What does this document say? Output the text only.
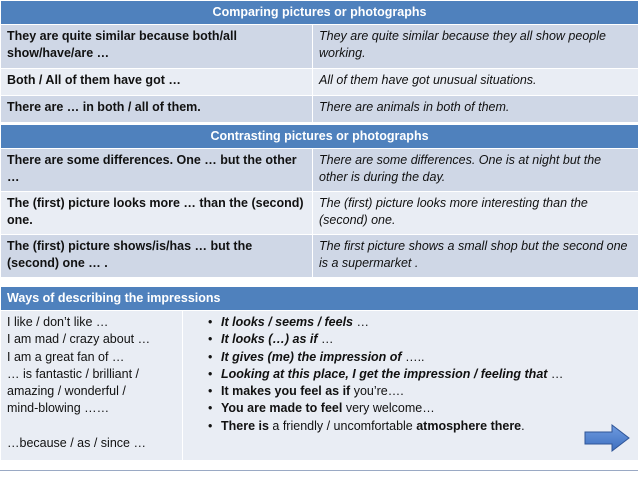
Comparing pictures or photographs	
They are quite similar because both/all show/have/are …	They are quite similar because they all show people working.
Both / All of them have got …	All of them have got unusual situations.
There are … in both / all of them.	There are animals in both of them.
Contrasting pictures or photographs	
There are some differences. One … but the other …	There are some differences. One is at night but the other is during the day.
The (first) picture looks more … than the (second) one.	The (first) picture looks more interesting than the (second) one.
The (first) picture shows/is/has … but the (second) one … .	The first picture shows a small shop but the second one is a supermarket .
Ways of describing the impressions

I like / don’t like …
I am mad / crazy about …
I am a great fan of …
… is fantastic / brilliant /
amazing / wonderful /
mind-blowing ……

…because / as / since …

• It looks / seems / feels …
• It looks (…) as if …
• It gives (me) the impression of …..
• Looking at this place, I get the impression / feeling that …
• It makes you feel as if you’re….
• You are made to feel very welcome…
• There is a friendly / uncomfortable atmosphere there.
